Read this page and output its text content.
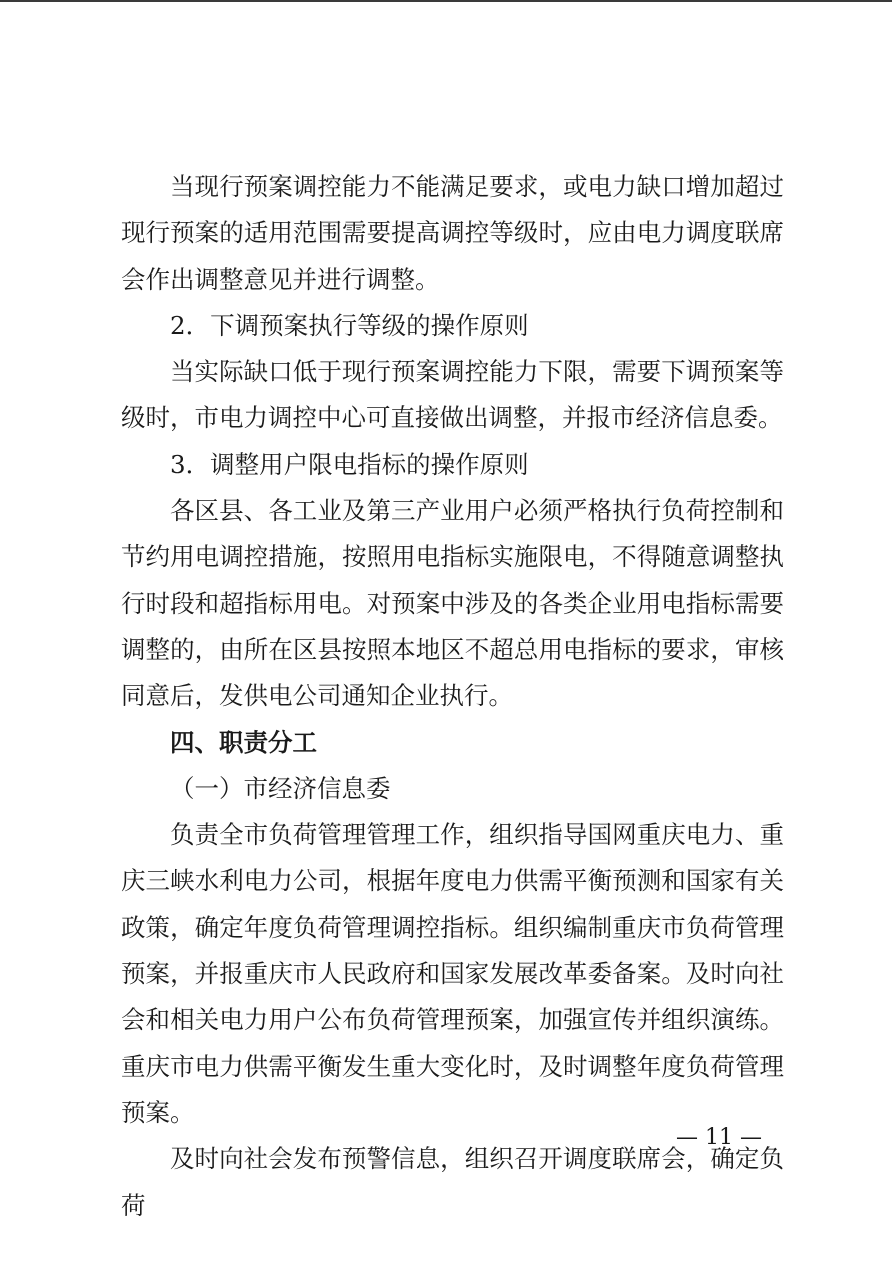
当现行预案调控能力不能满足要求，或电力缺口增加超过现行预案的适用范围需要提高调控等级时，应由电力调度联席会作出调整意见并进行调整。

2．下调预案执行等级的操作原则

当实际缺口低于现行预案调控能力下限，需要下调预案等级时，市电力调控中心可直接做出调整，并报市经济信息委。

3．调整用户限电指标的操作原则

各区县、各工业及第三产业用户必须严格执行负荷控制和节约用电调控措施，按照用电指标实施限电，不得随意调整执行时段和超指标用电。对预案中涉及的各类企业用电指标需要调整的，由所在区县按照本地区不超总用电指标的要求，审核同意后，发供电公司通知企业执行。

四、职责分工

（一）市经济信息委

负责全市负荷管理管理工作，组织指导国网重庆电力、重庆三峡水利电力公司，根据年度电力供需平衡预测和国家有关政策，确定年度负荷管理调控指标。组织编制重庆市负荷管理预案，并报重庆市人民政府和国家发展改革委备案。及时向社会和相关电力用户公布负荷管理预案，加强宣传并组织演练。重庆市电力供需平衡发生重大变化时，及时调整年度负荷管理预案。

及时向社会发布预警信息，组织召开调度联席会，确定负荷

— 11 —
